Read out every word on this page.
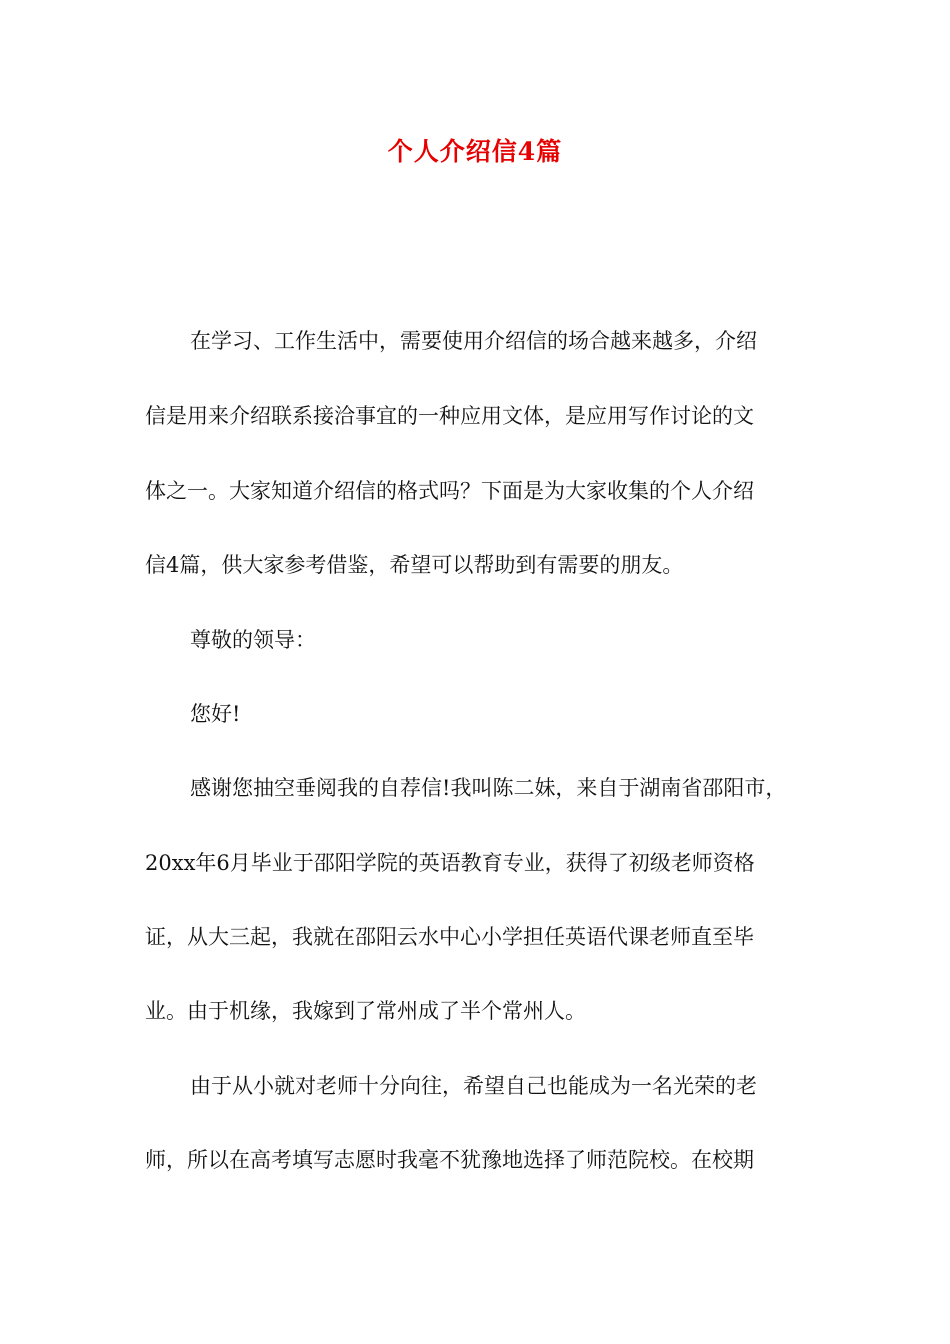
个人介绍信4篇
在学习、工作生活中，需要使用介绍信的场合越来越多，介绍
信是用来介绍联系接洽事宜的一种应用文体，是应用写作讨论的文
体之一。大家知道介绍信的格式吗？下面是为大家收集的个人介绍
信4篇，供大家参考借鉴，希望可以帮助到有需要的朋友。
尊敬的领导：
您好!
感谢您抽空垂阅我的自荐信!我叫陈二妹，来自于湖南省邵阳市，
20xx年6月毕业于邵阳学院的英语教育专业，获得了初级老师资格
证，从大三起，我就在邵阳云水中心小学担任英语代课老师直至毕
业。由于机缘，我嫁到了常州成了半个常州人。
由于从小就对老师十分向往，希望自己也能成为一名光荣的老
师，所以在高考填写志愿时我毫不犹豫地选择了师范院校。在校期
